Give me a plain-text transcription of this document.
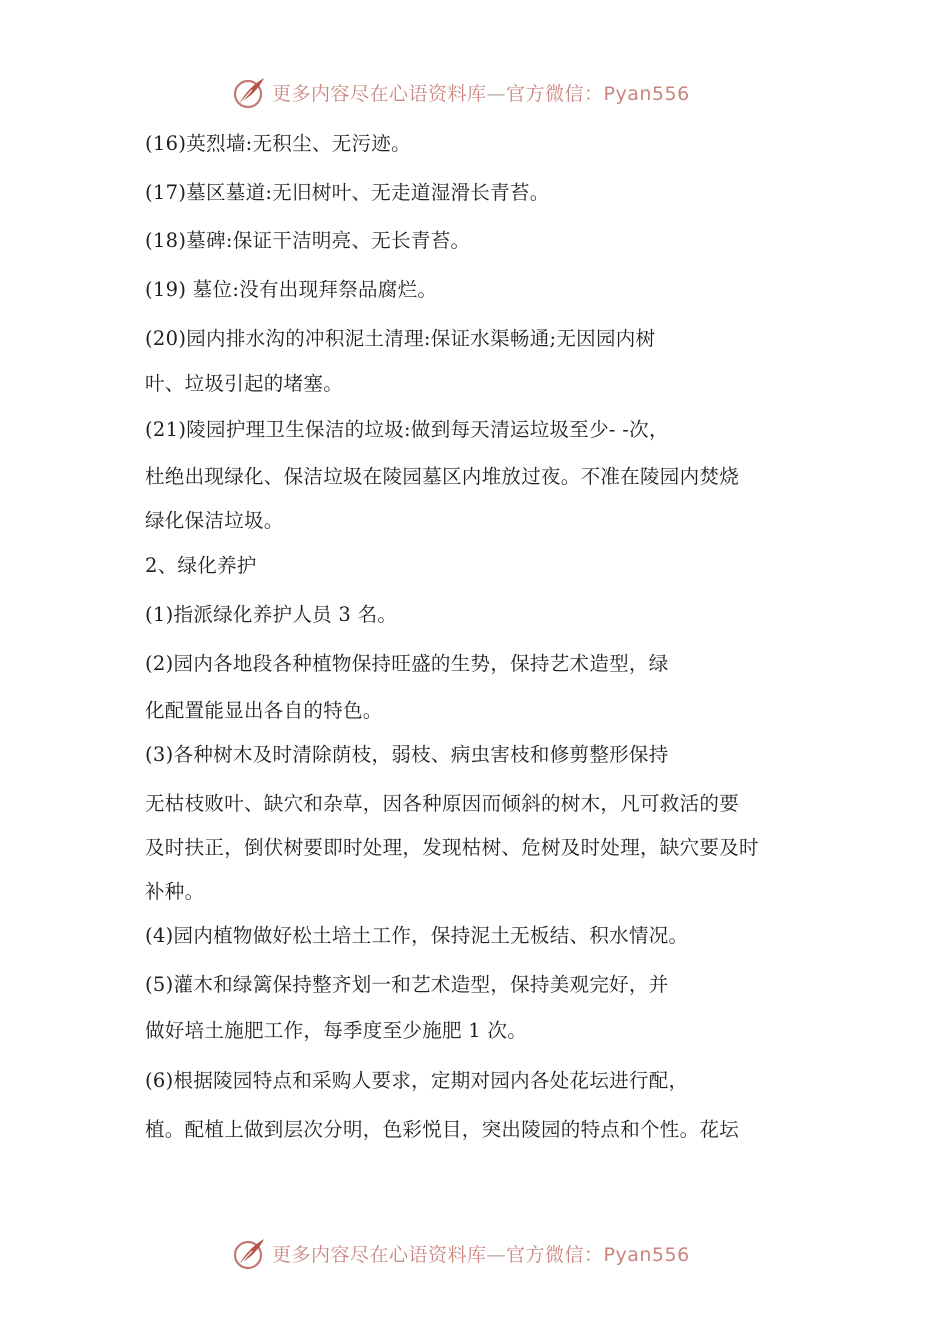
更多内容尽在心语资料库—官方微信：Pyan556
(16)英烈墙:无积尘、无污迹。
(17)墓区墓道:无旧树叶、无走道湿滑长青苔。
(18)墓碑:保证干洁明亮、无长青苔。
(19) 墓位:没有出现拜祭品腐烂。
(20)园内排水沟的冲积泥土清理:保证水渠畅通;无因园内树
叶、垃圾引起的堵塞。
(21)陵园护理卫生保洁的垃圾:做到每天清运垃圾至少- -次，
杜绝出现绿化、保洁垃圾在陵园墓区内堆放过夜。不准在陵园内焚烧
绿化保洁垃圾。
2、绿化养护
(1)指派绿化养护人员 3 名。
(2)园内各地段各种植物保持旺盛的生势，保持艺术造型，绿
化配置能显出各自的特色。
(3)各种树木及时清除荫枝，弱枝、病虫害枝和修剪整形保持
无枯枝败叶、缺穴和杂草，因各种原因而倾斜的树木，凡可救活的要
及时扶正，倒伏树要即时处理，发现枯树、危树及时处理，缺穴要及时
补种。
(4)园内植物做好松土培土工作，保持泥土无板结、积水情况。
(5)灌木和绿篱保持整齐划一和艺术造型，保持美观完好，并
做好培土施肥工作，每季度至少施肥 1 次。
(6)根据陵园特点和采购人要求，定期对园内各处花坛进行配，
植。配植上做到层次分明，色彩悦目，突出陵园的特点和个性。花坛
更多内容尽在心语资料库—官方微信：Pyan556
